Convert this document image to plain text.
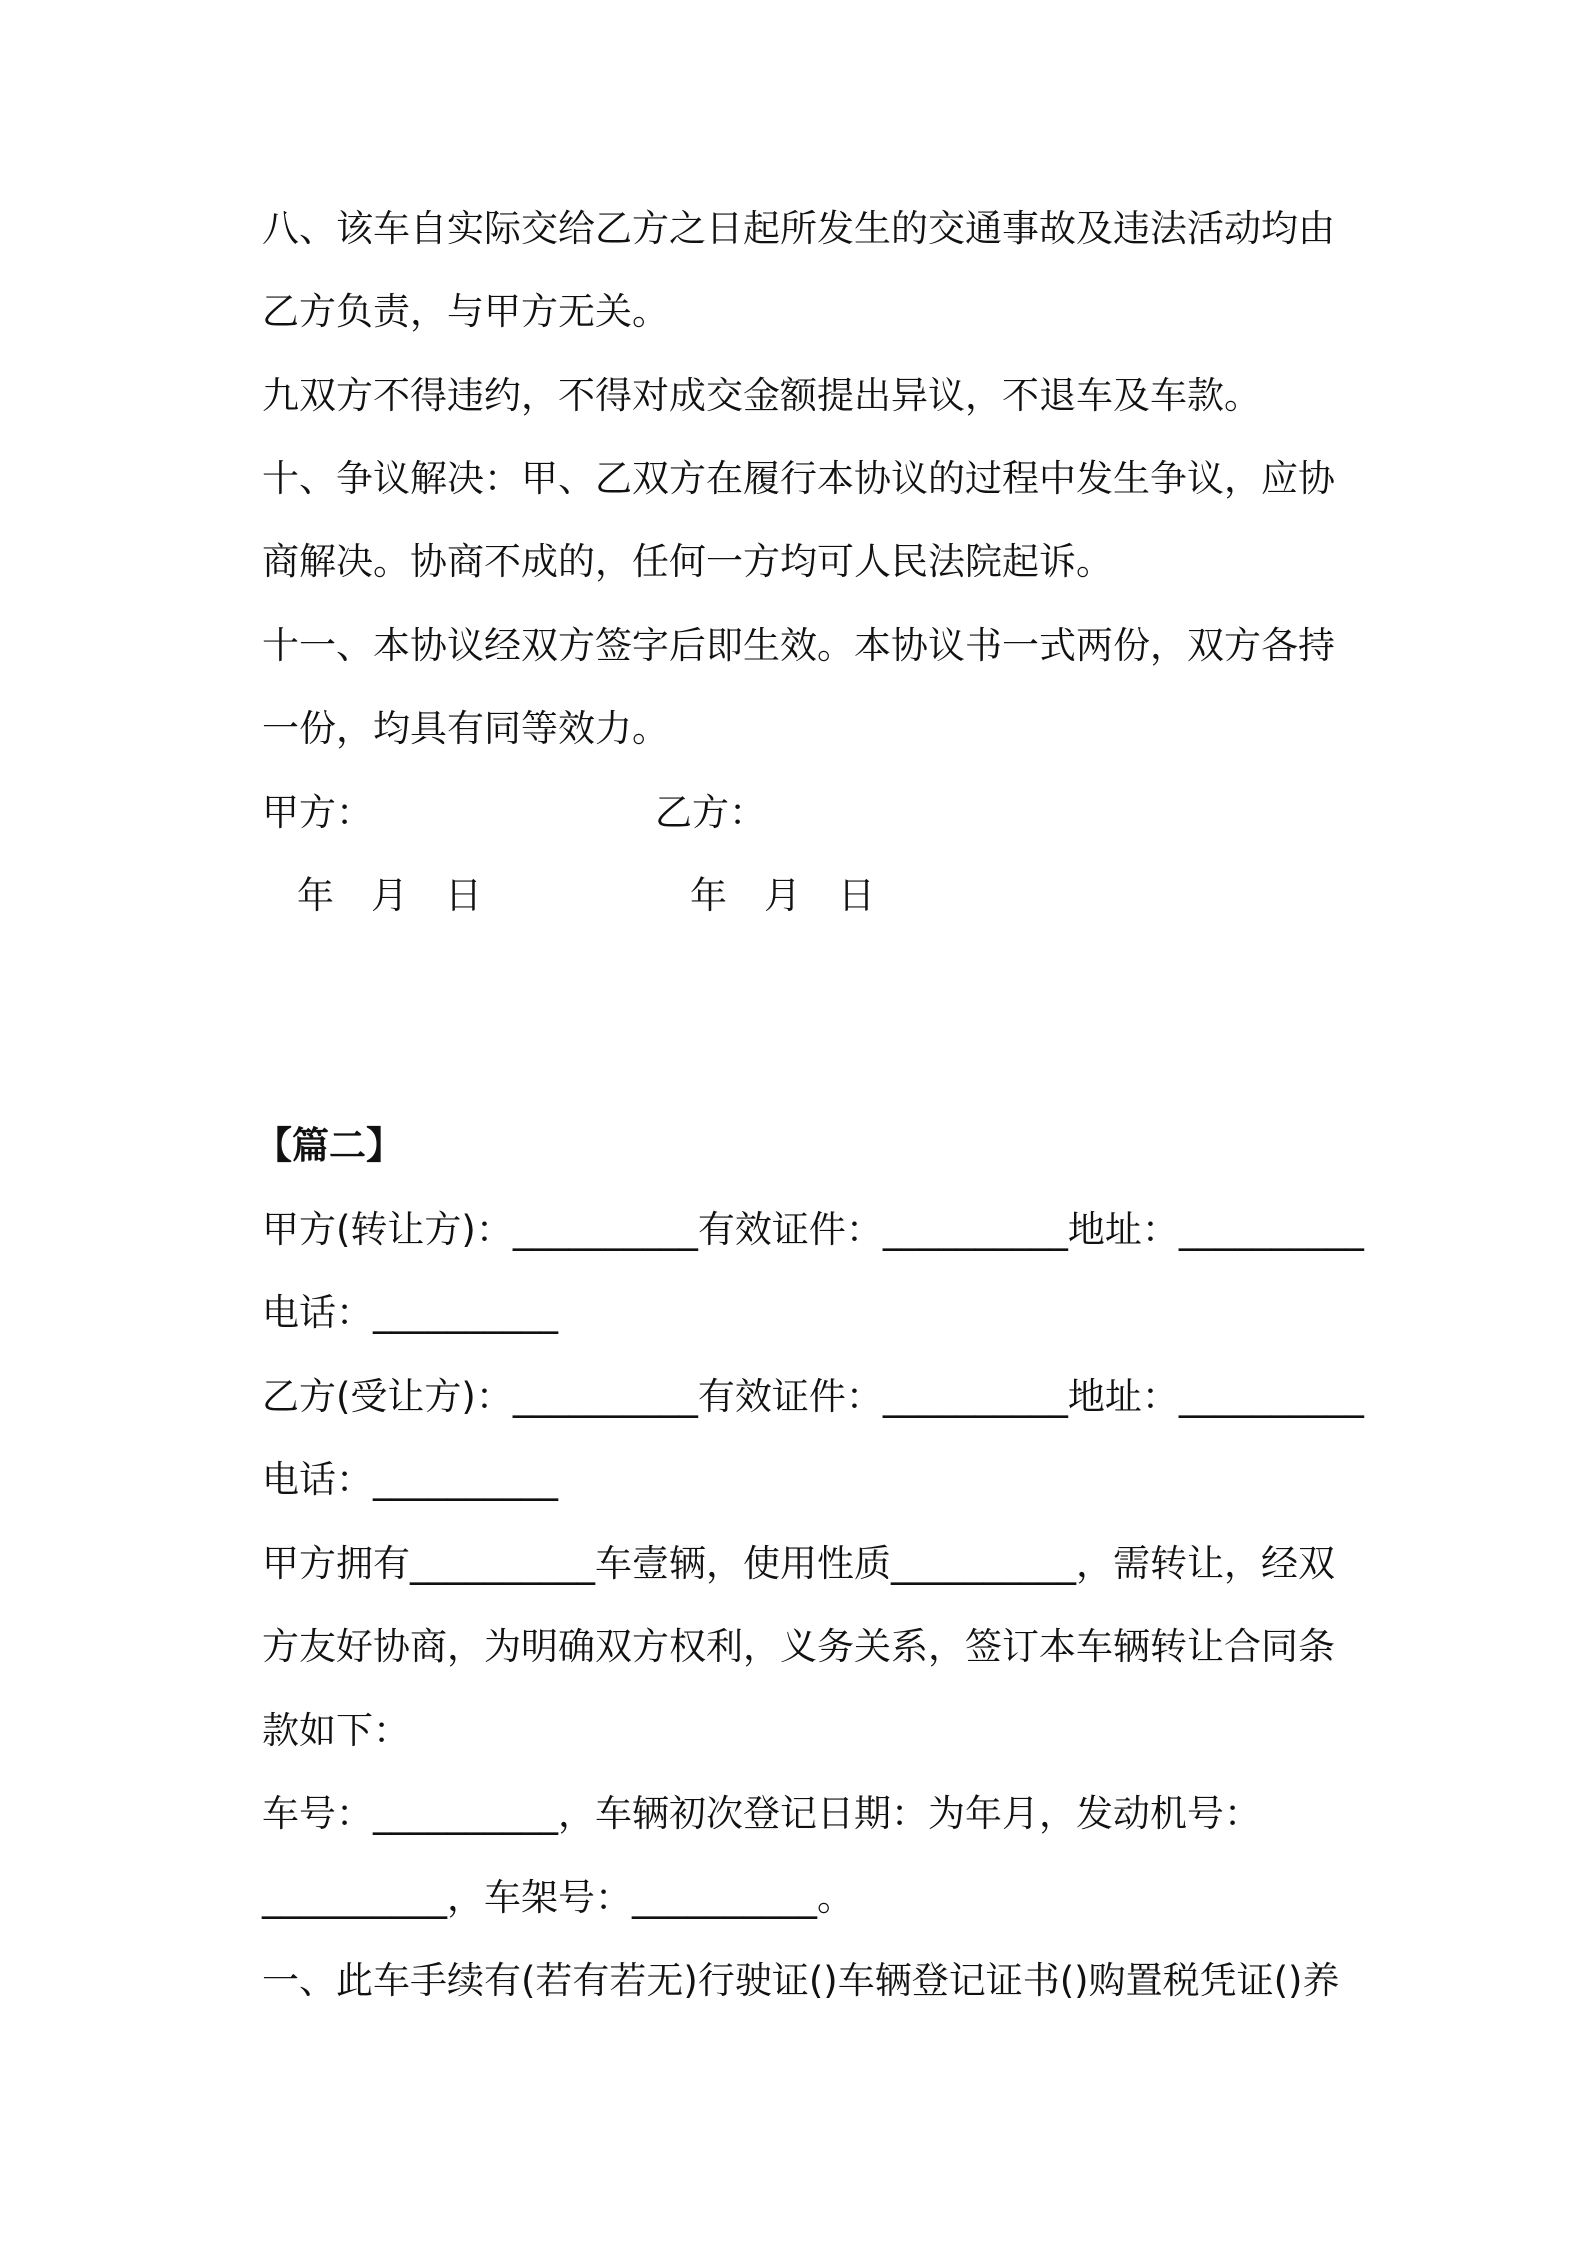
八、该车自实际交给乙方之日起所发生的交通事故及违法活动均由
乙方负责，与甲方无关。
九双方不得违约，不得对成交金额提出异议，不退车及车款。
十、争议解决：甲、乙双方在履行本协议的过程中发生争议，应协
商解决。协商不成的，任何一方均可人民法院起诉。
十一、本协议经双方签字后即生效。本协议书一式两份，双方各持
一份，均具有同等效力。
甲方：	乙方：
年　月　日	年　月　日
【篇二】
甲方(转让方)：__________有效证件：__________地址：__________
电话：__________
乙方(受让方)：__________有效证件：__________地址：__________
电话：__________
甲方拥有__________车壹辆，使用性质__________，需转让，经双
方友好协商，为明确双方权利，义务关系，签订本车辆转让合同条
款如下：
车号：__________，车辆初次登记日期：为年月，发动机号：
__________，车架号：__________。
一、此车手续有(若有若无)行驶证()车辆登记证书()购置税凭证()养
